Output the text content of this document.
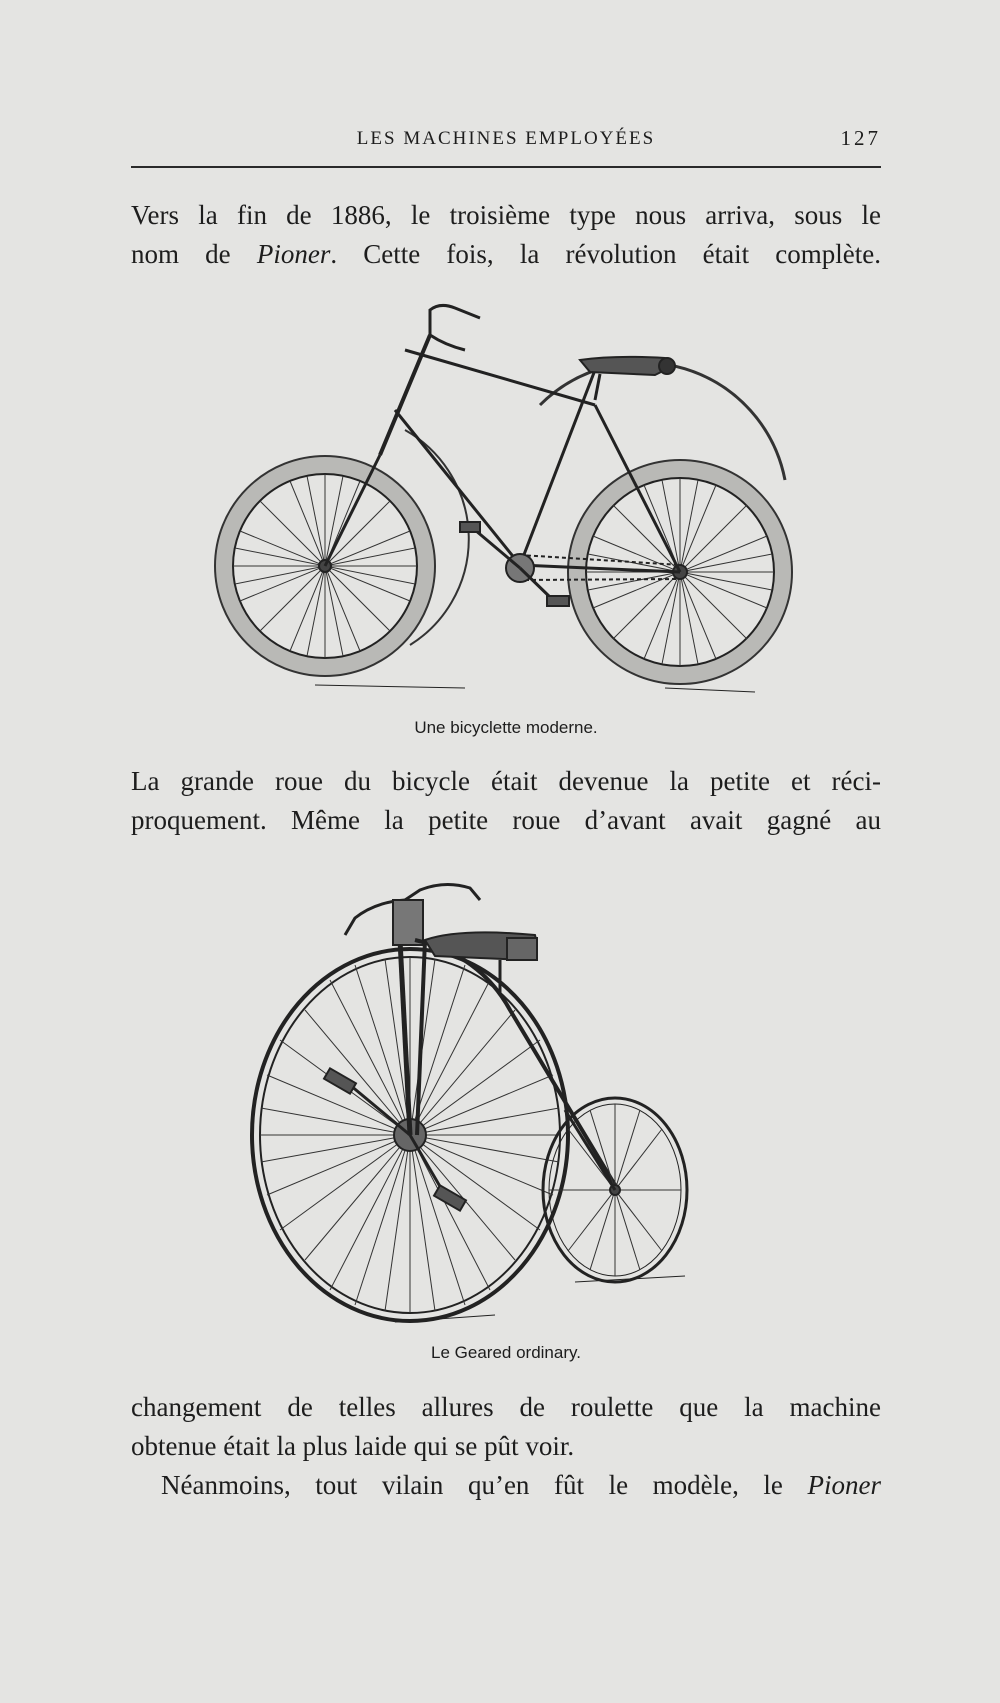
LES MACHINES EMPLOYÉES	127
Vers la fin de 1886, le troisième type nous arriva, sous le
nom de Pioner. Cette fois, la révolution était complète.
Une bicyclette moderne.
La grande roue du bicycle était devenue la petite et réci-
proquement. Même la petite roue d’avant avait gagné au
Le Geared ordinary.
changement de telles allures de roulette que la machine
obtenue était la plus laide qui se pût voir.
Néanmoins, tout vilain qu’en fût le modèle, le Pioner
